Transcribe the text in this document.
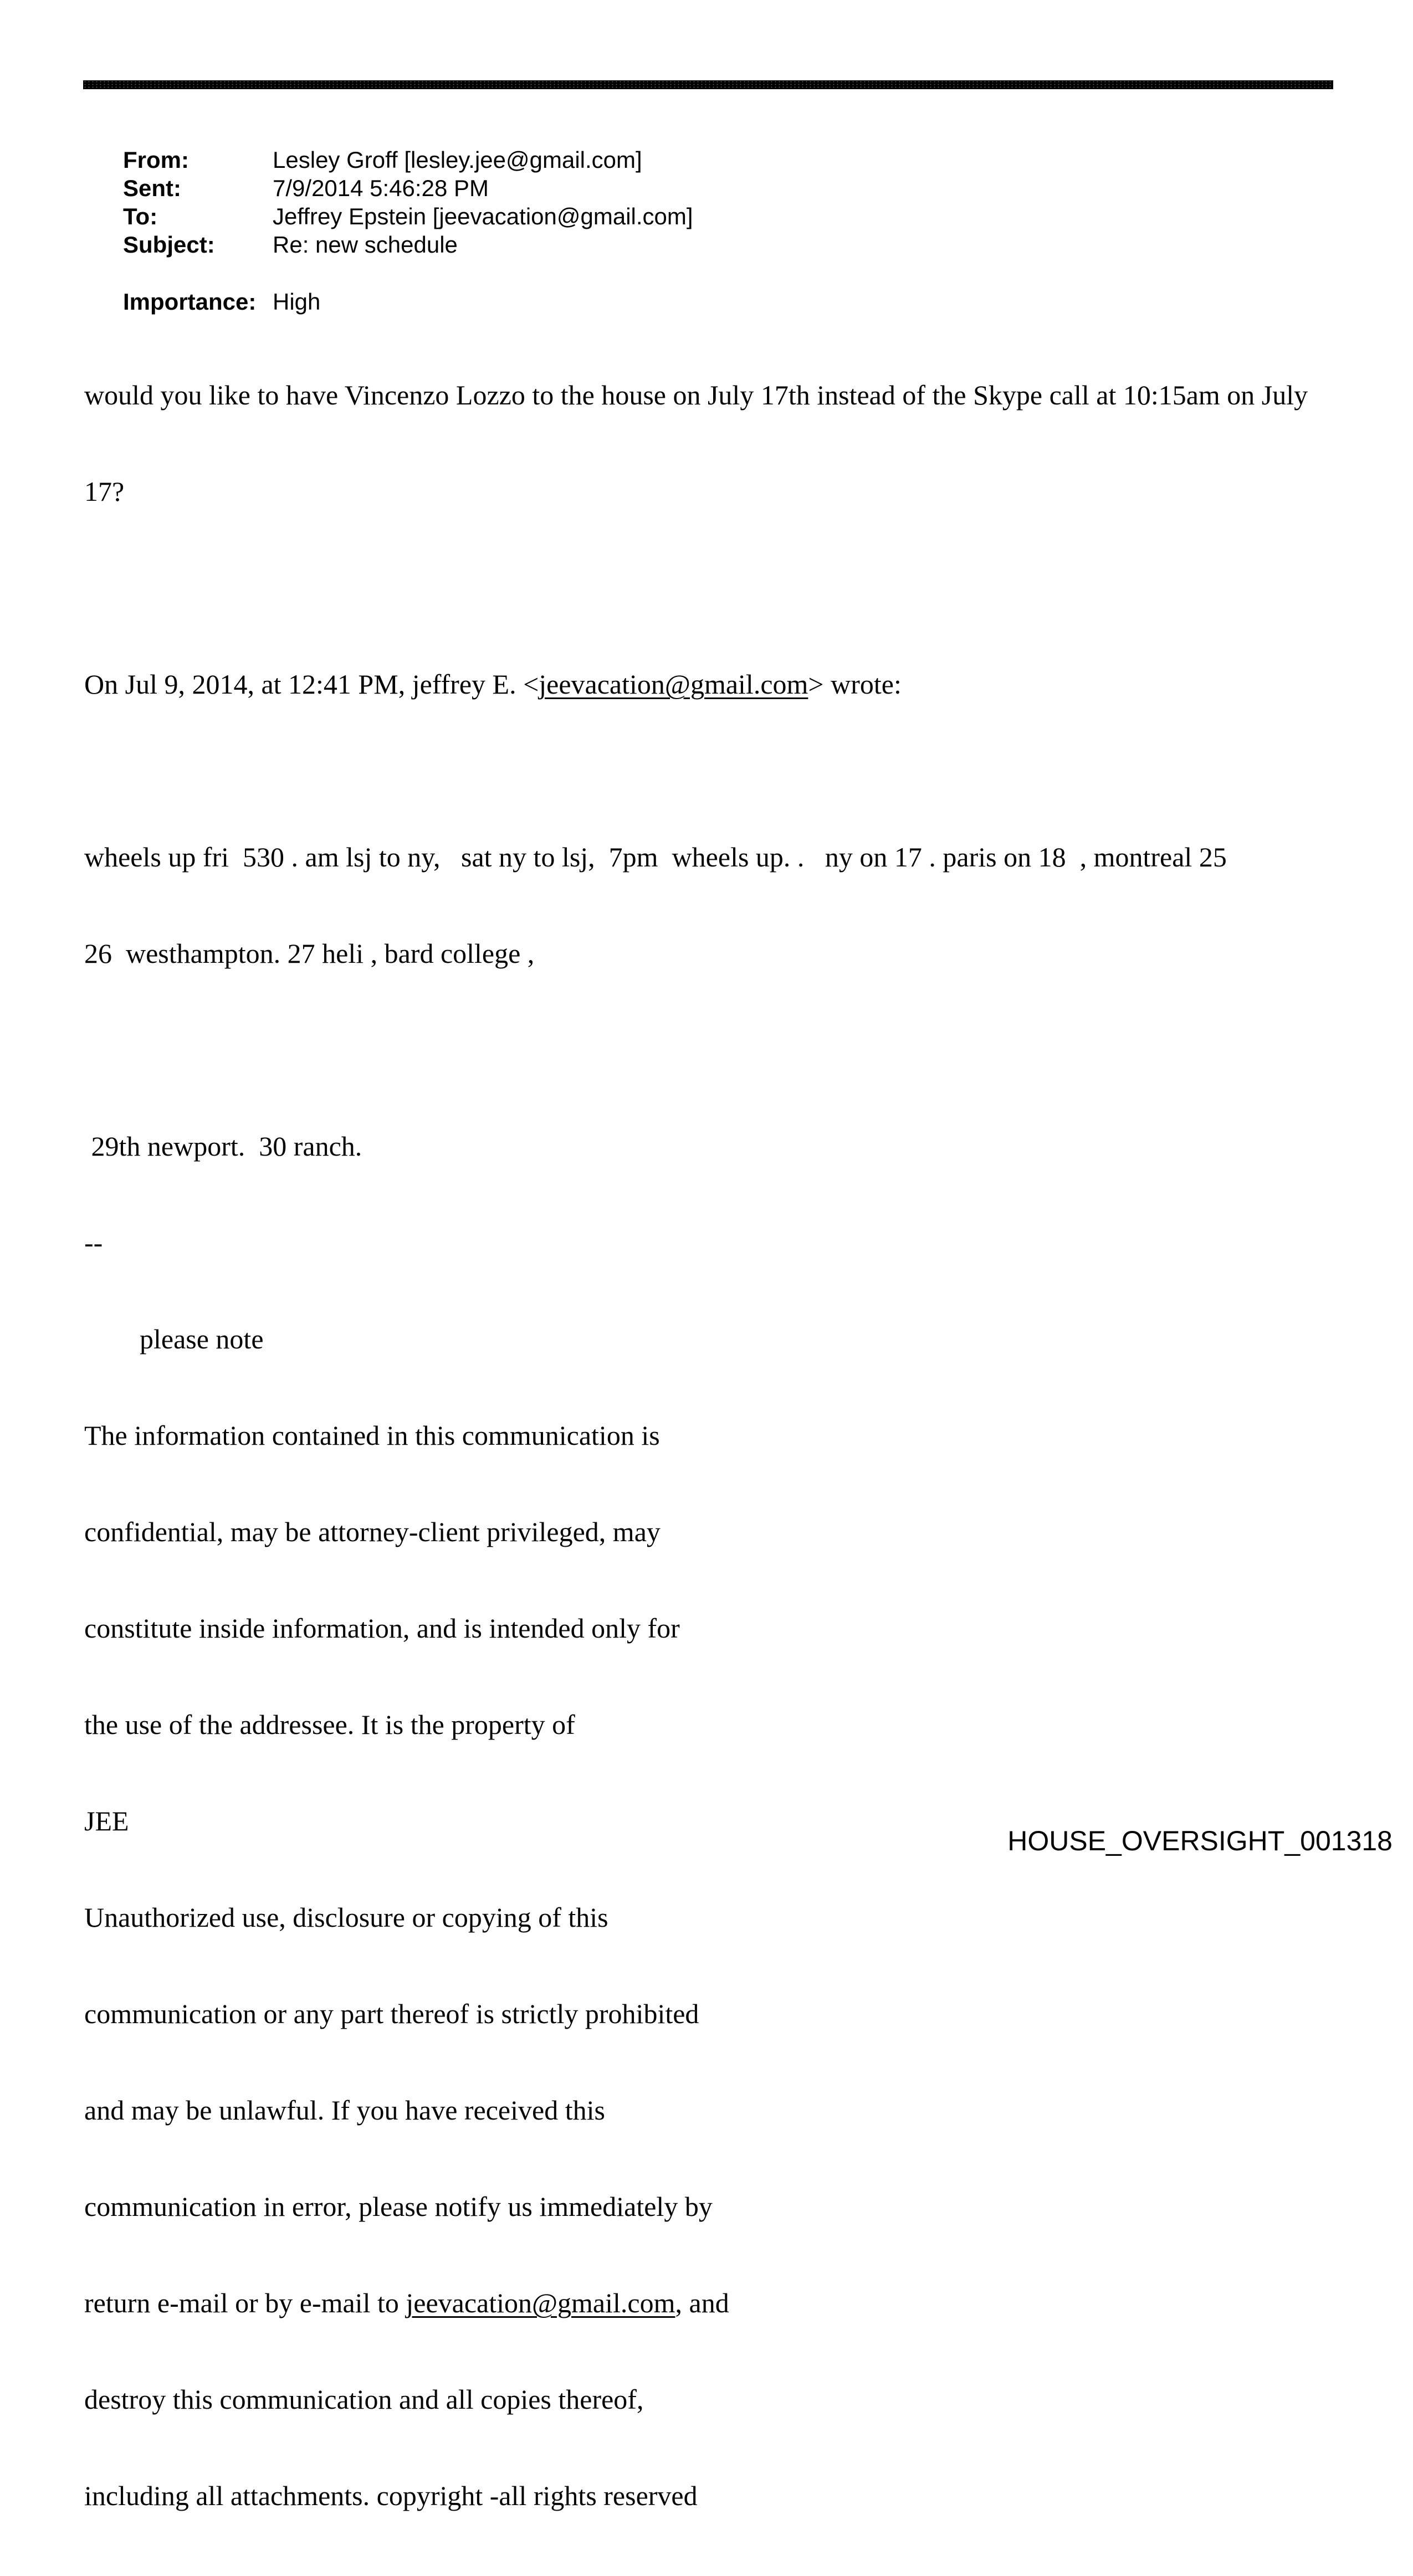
From:	Lesley Groff [lesley.jee@gmail.com]

Sent:	7/9/2014 5:46:28 PM

To:	Jeffrey Epstein [jeevacation@gmail.com]

Subject: Re: new schedule

Importance: High

would you like to have Vincenzo Lozzo to the house on July 17th instead of the Skype call at 10:15am on July

17?

On Jul 9, 2014, at 12:41 PM, jeffrey E. <jeevacation@gmail.com> wrote:

wheels up fri  530 . am lsj to ny,   sat ny to lsj,  7pm  wheels up. .   ny on 17 . paris on 18  , montreal 25

26  westhampton. 27 heli , bard college ,

29th newport.  30 ranch.

--

please note

The information contained in this communication is

confidential, may be attorney-client privileged, may

constitute inside information, and is intended only for

the use of the addressee. It is the property of

JEE

Unauthorized use, disclosure or copying of this

communication or any part thereof is strictly prohibited

and may be unlawful. If you have received this

communication in error, please notify us immediately by

return e-mail or by e-mail to jeevacation@gmail.com, and

destroy this communication and all copies thereof,

including all attachments. copyright -all rights reserved

HOUSE_OVERSIGHT_001318
